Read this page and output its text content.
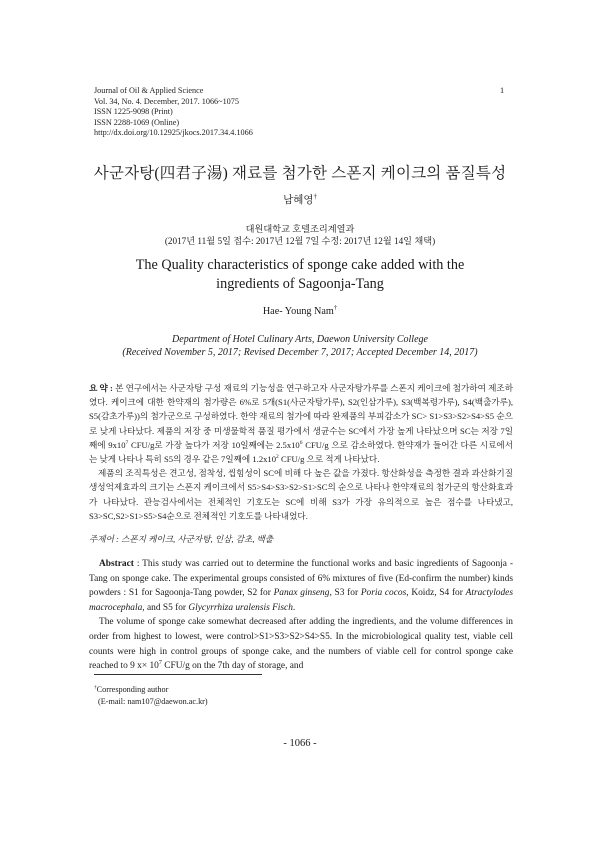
Journal of Oil & Applied Science
Vol. 34, No. 4. December, 2017. 1066~1075
ISSN 1225-9098 (Print)
ISSN 2288-1069 (Online)
http://dx.doi.org/10.12925/jkocs.2017.34.4.1066
1
사군자탕(四君子湯) 재료를 첨가한 스폰지 케이크의 품질특성
남혜영†
대원대학교 호텔조리계열과
(2017년 11월 5일 접수: 2017년 12월 7일 수정: 2017년 12월 14일 채택)
The Quality characteristics of sponge cake added with the
ingredients of Sagoonja-Tang
Hae- Young Nam†
Department of Hotel Culinary Arts, Daewon University College
(Received November 5, 2017; Revised December 7, 2017; Accepted December 14, 2017)

요 약 : 본 연구에서는 사군자탕 구성 재료의 기능성을 연구하고자 사군자탕가루를 스폰지 케이크에 첨가하여 제조하였다. 케이크에 대한 한약재의 첨가량은 6%로 5개(S1(사군자탕가루), S2(인삼가루), S3(백복령가루), S4(백출가루), S5(감초가루))의 첨가군으로 구성하였다. 한약 재료의 첨가에 따라 완제품의 부피감소가 SC> S1>S3>S2>S4>S5 순으로 낮게 나타났다. 제품의 저장 중 미생물학적 품질 평가에서 생균수는 SC에서 가장 높게 나타났으며 SC는 저장 7일째에 $9x10^7$ CFU/g로 가장 높다가 저장 10일째에는 $2.5x10^6$ CFU/g 으로 감소하였다. 한약재가 들어간 다른 시료에서는 낮게 나타나 특히 S5의 경우 같은 7일째에 $1.2x10^2$ CFU/g 으로 적게 나타났다.

제품의 조직특성은 견고성, 점착성, 씹힘성이 SC에 비해 다 높은 값을 가졌다. 항산화성을 측정한 결과 과산화기질 생성억제효과의 크기는 스폰지 케이크에서 S5>S4>S3>S2>S1>SC의 순으로 나타나 한약재료의 첨가군의 항산화효과가 나타났다. 관능검사에서는 전체적인 기호도는 SC에 비해 S3가 가장 유의적으로 높은 점수를 나타냈고, S3>SC,S2>S1>S5>S4순으로 전체적인 기호도를 나타내었다.

주제어 : 스폰지 케이크, 사군자탕, 인삼, 감초, 백출

Abstract : This study was carried out to determine the functional works and basic ingredients of Sagoonja -Tang on sponge cake. The experimental groups consisted of 6% mixtures of five (Ed-confirm the number) kinds powders : S1 for Sagoonja-Tang powder, S2 for Panax ginseng, S3 for Poria cocos, Koidz, S4 for Atractylodes macrocephala, and S5 for Glycyrrhiza uralensis Fisch.

The volume of sponge cake somewhat decreased after adding the ingredients, and the volume differences in order from highest to lowest, were control>S1>S3>S2>S4>S5. In the microbiological quality test, viable cell counts were high in control groups of sponge cake, and the numbers of viable cell for control sponge cake reached to 9 $x\times 10^7$ CFU/g on the 7th day of storage, and

†Corresponding author
(E-mail: nam107@daewon.ac.kr)
- 1066 -
